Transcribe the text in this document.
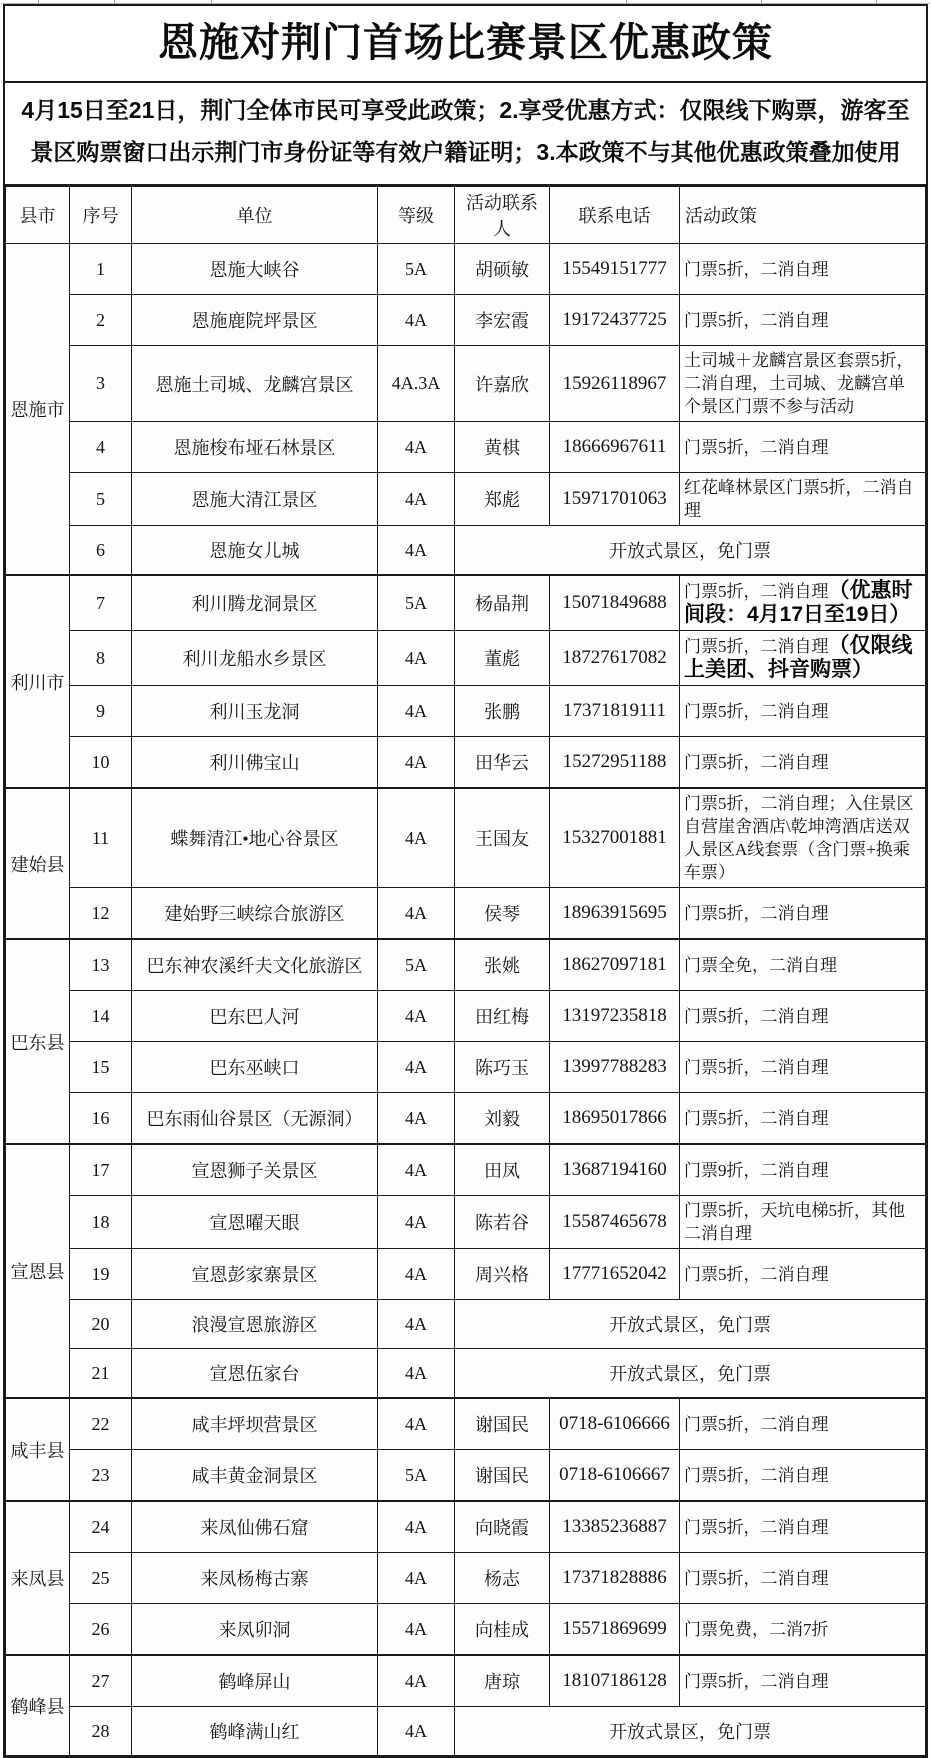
恩施对荆门首场比赛景区优惠政策
4月15日至21日，荆门全体市民可享受此政策；2.享受优惠方式：仅限线下购票，游客至景区购票窗口出示荆门市身份证等有效户籍证明；3.本政策不与其他优惠政策叠加使用
县市	序号	单位	等级	活动联系人	联系电话	活动政策
恩施市	1	恩施大峡谷	5A	胡硕敏	15549151777	门票5折，二消自理
	2	恩施鹿院坪景区	4A	李宏霞	19172437725	门票5折，二消自理
	3	恩施土司城、龙麟宫景区	4A.3A	许嘉欣	15926118967	土司城＋龙麟宫景区套票5折，二消自理，土司城、龙麟宫单个景区门票不参与活动
	4	恩施梭布垭石林景区	4A	黄棋	18666967611	门票5折，二消自理
	5	恩施大清江景区	4A	郑彪	15971701063	红花峰林景区门票5折，二消自理
	6	恩施女儿城	4A	开放式景区，免门票		
利川市	7	利川腾龙洞景区	5A	杨晶荆	15071849688	门票5折，二消自理（优惠时间段：4月17日至19日）
	8	利川龙船水乡景区	4A	董彪	18727617082	门票5折，二消自理（仅限线上美团、抖音购票）
	9	利川玉龙洞	4A	张鹏	17371819111	门票5折，二消自理
	10	利川佛宝山	4A	田华云	15272951188	门票5折，二消自理
建始县	11	蝶舞清江•地心谷景区	4A	王国友	15327001881	门票5折，二消自理；入住景区自营崖舍酒店\乾坤湾酒店送双人景区A线套票（含门票+换乘车票）
	12	建始野三峡综合旅游区	4A	侯琴	18963915695	门票5折，二消自理
巴东县	13	巴东神农溪纤夫文化旅游区	5A	张姚	18627097181	门票全免，二消自理
	14	巴东巴人河	4A	田红梅	13197235818	门票5折，二消自理
	15	巴东巫峡口	4A	陈巧玉	13997788283	门票5折，二消自理
	16	巴东雨仙谷景区（无源洞）	4A	刘毅	18695017866	门票5折，二消自理
宣恩县	17	宣恩狮子关景区	4A	田凤	13687194160	门票9折，二消自理
	18	宣恩曜天眼	4A	陈若谷	15587465678	门票5折，天坑电梯5折，其他二消自理
	19	宣恩彭家寨景区	4A	周兴格	17771652042	门票5折，二消自理
	20	浪漫宣恩旅游区	4A	开放式景区，免门票		
	21	宣恩伍家台	4A	开放式景区，免门票		
咸丰县	22	咸丰坪坝营景区	4A	谢国民	0718-6106666	门票5折，二消自理
	23	咸丰黄金洞景区	5A	谢国民	0718-6106667	门票5折，二消自理
来凤县	24	来凤仙佛石窟	4A	向晓霞	13385236887	门票5折，二消自理
	25	来凤杨梅古寨	4A	杨志	17371828886	门票5折，二消自理
	26	来凤卯洞	4A	向桂成	15571869699	门票免费，二消7折
鹤峰县	27	鹤峰屏山	4A	唐琼	18107186128	门票5折，二消自理
	28	鹤峰满山红	4A	开放式景区，免门票		
